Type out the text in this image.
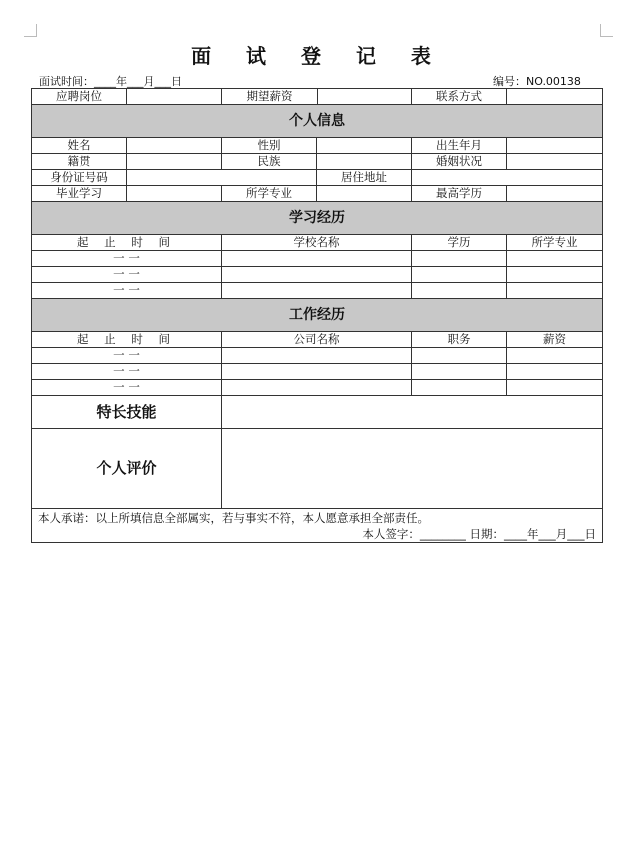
面 试 登 记 表
面试时间：____年___月___日	编号：NO.00138
应聘岗位		期望薪资		联系方式	
个人信息					
姓名		性别		出生年月	
籍贯		民族		婚姻状况	
身份证号码			居住地址		
毕业学习		所学专业		最高学历	
学习经历					
起 止 时 间		学校名称		学历	所学专业
一 一					
一 一					
一 一					
工作经历					
起 止 时 间		公司名称		职务	薪资
一 一					
一 一					
一 一					
特长技能					
个人评价					

本人承诺：以上所填信息全部属实，若与事实不符，本人愿意承担全部责任。
本人签字：________ 日期：____年___月___日					
